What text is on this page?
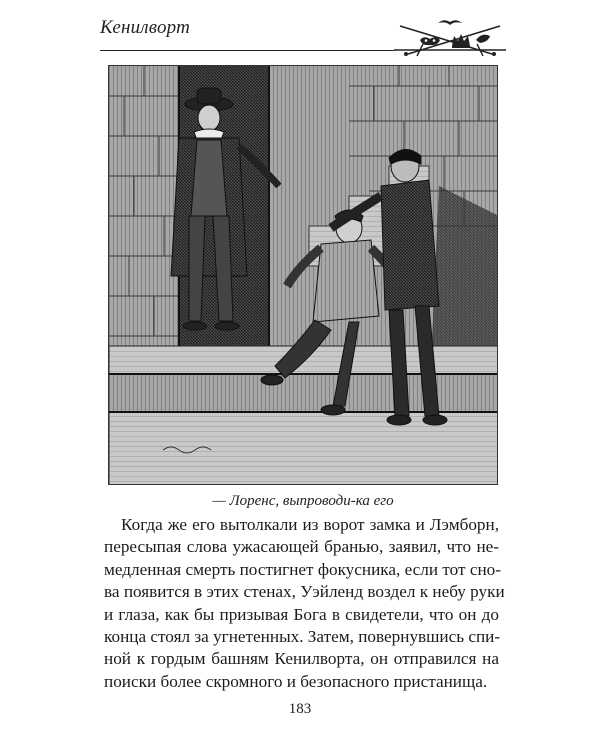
Кенилворт
— Лоренс, выпроводи-ка его
Когда же его вытолкали из ворот замка и Лэмборн,
пересыпая слова ужасающей бранью, заявил, что не-
медленная смерть постигнет фокусника, если тот сно-
ва появится в этих стенах, Уэйленд воздел к небу руки
и глаза, как бы призывая Бога в свидетели, что он до
конца стоял за угнетенных. Затем, повернувшись спи-
ной к гордым башням Кенилворта, он отправился на
поиски более скромного и безопасного пристанища.
183
